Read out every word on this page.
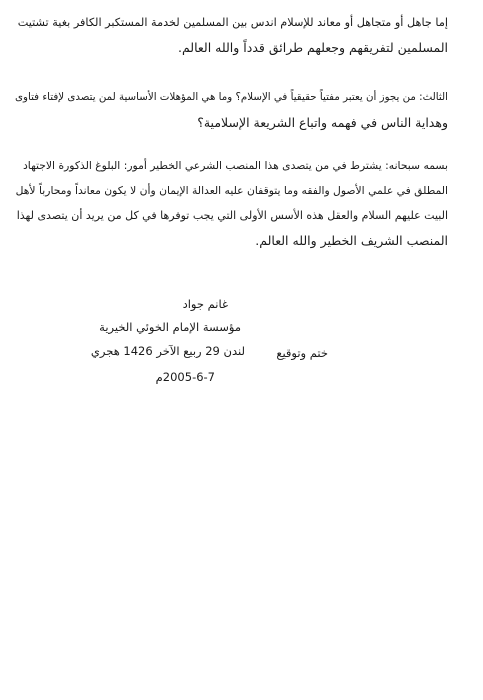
إما جاهل أو متجاهل أو معاند للإسلام اندس بين المسلمين لخدمة المستكبر الكافر بغية تشتيت

المسلمين لتفريقهم وجعلهم طرائق قدداً والله العالم.

الثالث: من يجوز أن يعتبر مفتياً حقيقياً في الإسلام؟ وما هي المؤهلات الأساسية لمن يتصدى لإفتاء فتاوى

وهداية الناس في فهمه واتباع الشريعة الإسلامية؟

بسمه سبحانه: يشترط في من يتصدى هذا المنصب الشرعي الخطير أمور: البلوغ الذكورة الاجتهاد

المطلق في علمي الأصول والفقه وما يتوقفان عليه العدالة الإيمان وأن لا يكون معانداً ومحارباً لأهل

البيت عليهم السلام والعقل هذه الأسس الأولى التي يجب توفرها في كل من يريد أن يتصدى لهذا

المنصب الشريف الخطير والله العالم.

غانم جواد
مؤسسة الإمام الخوئي الخيرية
لندن 29 ربيع الآخر 1426 هجري
2005-6-7م
ختم وتوقيع
